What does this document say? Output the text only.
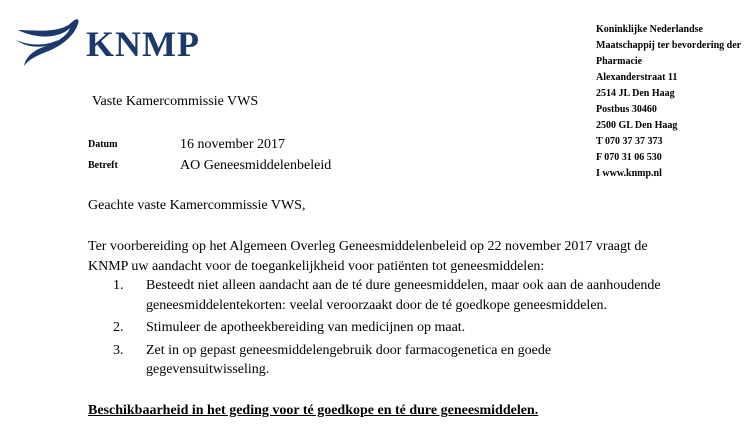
KNMP	Koninklijke Nederlandse
Maatschappij ter bevordering der
Pharmacie
Alexanderstraat 11
2514 JL Den Haag
Postbus 30460
2500 GL Den Haag
T 070 37 37 373
F 070 31 06 530
I www.knmp.nl
Vaste Kamercommissie VWS
Datum	16 november 2017
Betreft	AO Geneesmiddelenbeleid
Geachte vaste Kamercommissie VWS,

Ter voorbereiding op het Algemeen Overleg Geneesmiddelenbeleid op 22 november 2017 vraagt de

KNMP uw aandacht voor de toegankelijkheid voor patiënten tot geneesmiddelen:

1. Besteedt niet alleen aandacht aan de té dure geneesmiddelen, maar ook aan de aanhoudende
geneesmiddelentekorten: veelal veroorzaakt door de té goedkope geneesmiddelen.
2. Stimuleer de apotheekbereiding van medicijnen op maat.
3. Zet in op gepast geneesmiddelengebruik door farmacogenetica en goede
gegevensuitwisseling.
Beschikbaarheid in het geding voor té goedkope en té dure geneesmiddelen.
